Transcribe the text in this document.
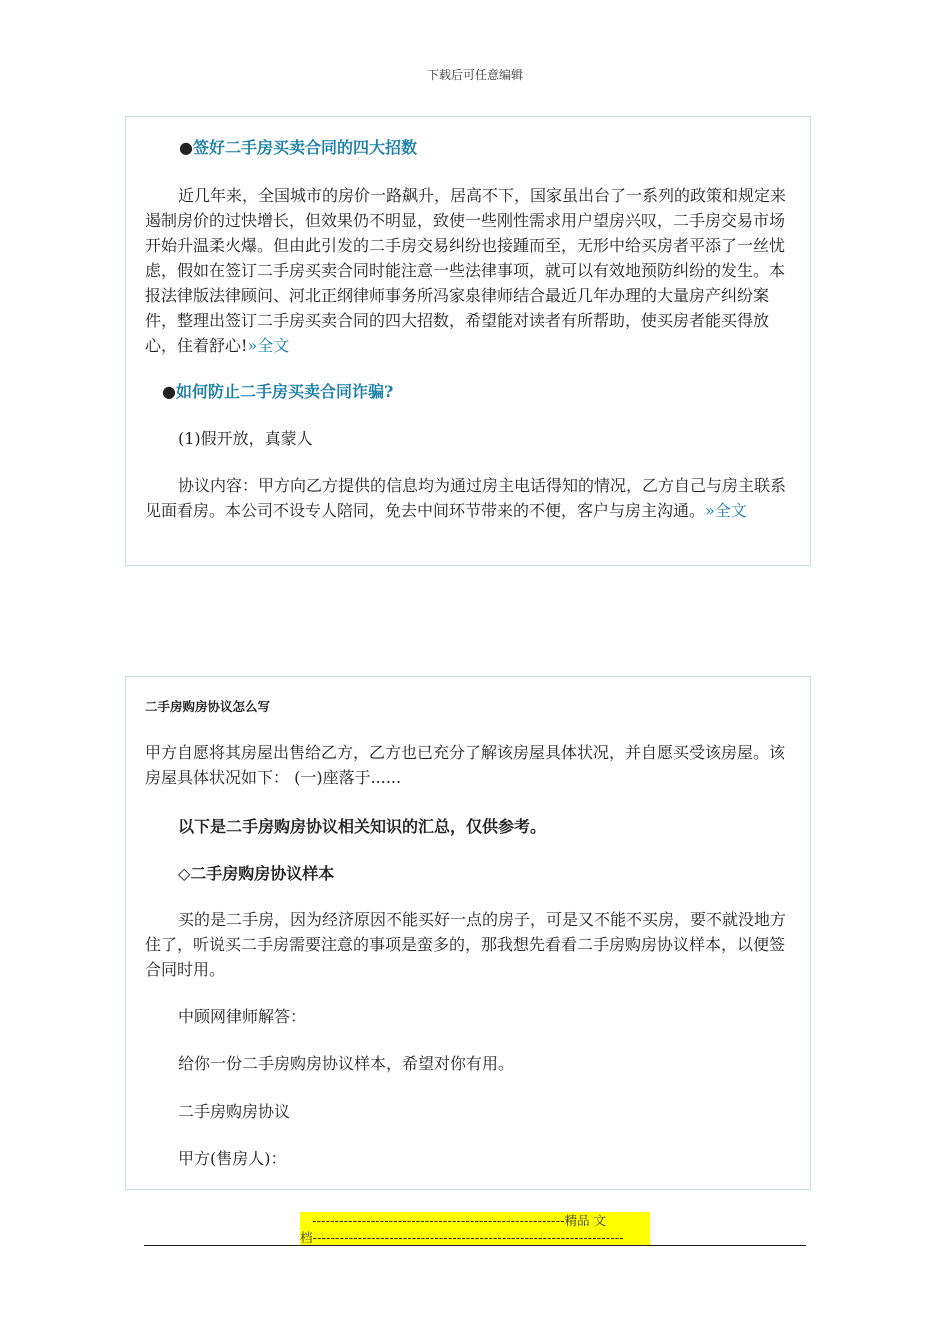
下载后可任意编辑

●签好二手房买卖合同的四大招数

近几年来，全国城市的房价一路飙升，居高不下，国家虽出台了一系列的政策和规定来遏制房价的过快增长，但效果仍不明显，致使一些刚性需求用户望房兴叹，二手房交易市场开始升温柔火爆。但由此引发的二手房交易纠纷也接踵而至，无形中给买房者平添了一丝忧虑，假如在签订二手房买卖合同时能注意一些法律事项，就可以有效地预防纠纷的发生。本报法律版法律顾问、河北正纲律师事务所冯家泉律师结合最近几年办理的大量房产纠纷案件，整理出签订二手房买卖合同的四大招数，希望能对读者有所帮助，使买房者能买得放心，住着舒心!»全文

●如何防止二手房买卖合同诈骗?

(1)假开放，真蒙人

协议内容：甲方向乙方提供的信息均为通过房主电话得知的情况，乙方自己与房主联系见面看房。本公司不设专人陪同，免去中间环节带来的不便，客户与房主沟通。»全文

二手房购房协议怎么写

甲方自愿将其房屋出售给乙方，乙方也已充分了解该房屋具体状况，并自愿买受该房屋。该房屋具体状况如下： (一)座落于......

以下是二手房购房协议相关知识的汇总，仅供参考。

◇二手房购房协议样本

买的是二手房，因为经济原因不能买好一点的房子，可是又不能不买房，要不就没地方住了，听说买二手房需要注意的事项是蛮多的，那我想先看看二手房购房协议样本，以便签合同时用。

中顾网律师解答：

给你一份二手房购房协议样本，希望对你有用。

二手房购房协议

甲方(售房人)：

--------------------------------------------------------精品 文
档---------------------------------------------------------------------
